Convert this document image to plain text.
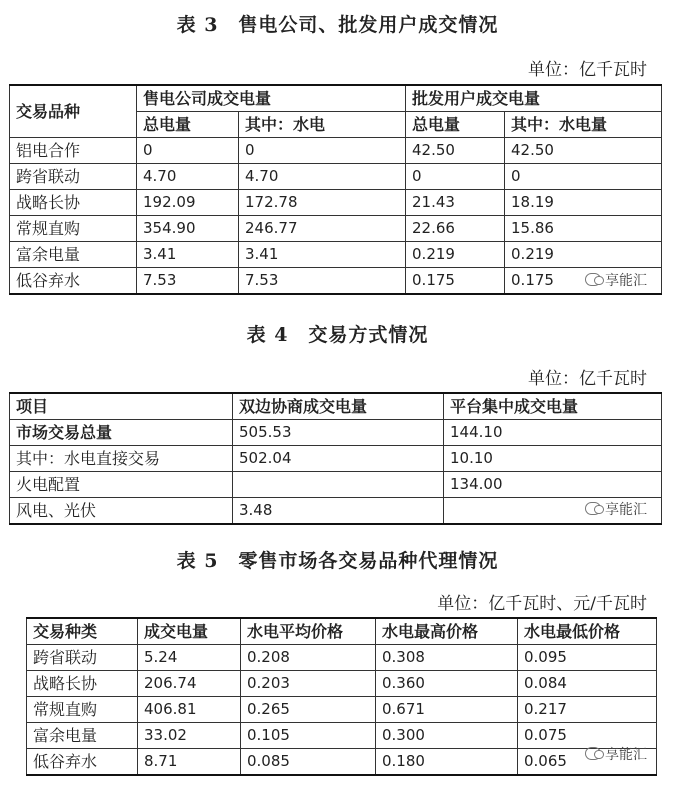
表 3　售电公司、批发用户成交情况
单位：亿千瓦时
交易品种	售电公司成交电量		批发用户成交电量	
	总电量	其中：水电	总电量	其中：水电量
铝电合作	0	0	42.50	42.50
跨省联动	4.70	4.70	0	0
战略长协	192.09	172.78	21.43	18.19
常规直购	354.90	246.77	22.66	15.86
富余电量	3.41	3.41	0.219	0.219
低谷弃水	7.53	7.53	0.175	0.175	享能汇
表 4　交易方式情况
单位：亿千瓦时
项目	双边协商成交电量	平台集中成交电量
市场交易总量	505.53	144.10
其中：水电直接交易	502.04	10.10
火电配置		134.00
风电、光伏	3.48		享能汇
表 5　零售市场各交易品种代理情况
单位：亿千瓦时、元/千瓦时
交易种类	成交电量	水电平均价格	水电最高价格	水电最低价格
跨省联动	5.24	0.208	0.308	0.095
战略长协	206.74	0.203	0.360	0.084
常规直购	406.81	0.265	0.671	0.217
富余电量	33.02	0.105	0.300	0.075
低谷弃水	8.71	0.085	0.180	0.065	享能汇
